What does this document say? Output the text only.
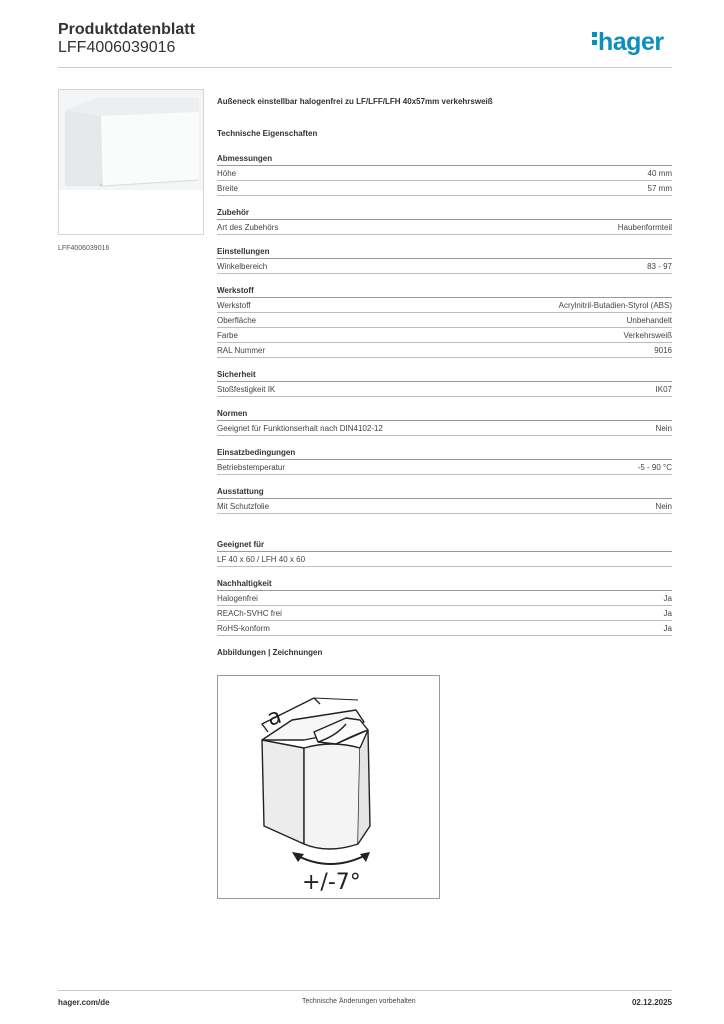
Produktdatenblatt
LFF4006039016	hager
LFF4006039016
Außeneck einstellbar halogenfrei zu LF/LFF/LFH 40x57mm verkehrsweiß
Technische Eigenschaften
Abmessungen
Höhe	40 mm
Breite	57 mm
Zubehör
Art des Zubehörs	Haubenformteil
Einstellungen
Winkelbereich	83 - 97
Werkstoff
Werkstoff	Acrylnitril-Butadien-Styrol (ABS)
Oberfläche	Unbehandelt
Farbe	Verkehrsweiß
RAL Nummer	9016
Sicherheit
Stoßfestigkeit IK	IK07
Normen
Geeignet für Funktionserhalt nach DIN4102-12	Nein
Einsatzbedingungen
Betriebstemperatur	-5 - 90 °C
Ausstattung
Mit Schutzfolie	Nein
Geeignet für
LF 40 x 60 / LFH 40 x 60
Nachhaltigkeit
Halogenfrei	Ja
REACh-SVHC frei	Ja
RoHS-konform	Ja
Abbildungen | Zeichnungen
a
+/-7°
hager.com/de	Technische Änderungen vorbehalten	02.12.2025
